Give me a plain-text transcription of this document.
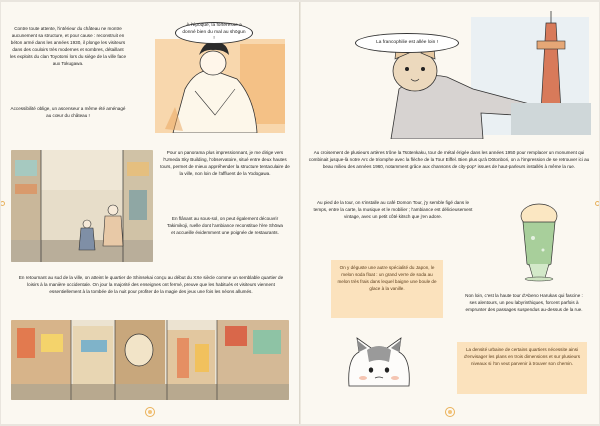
Contre toute attente, l'intérieur du château ne montre aucunement sa structure, et pour cause : reconstruit en béton armé dans les années 1930, il plonge les visiteurs dans des couloirs très modernes et sombres, détaillant les exploits du clan Toyotomi lors du siège de la ville face aux Tokugawa.
Accessibilité oblige, un ascenseur a même été aménagé au cœur du château !
À l'époque, la forteresse a donné bien du mal au shōgun !
Pour un panorama plus impressionnant, je me dirige vers l'Umeda Sky Building, l'observatoire, situé entre deux hautes tours, permet de mieux appréhender la structure tentaculaire de la ville, non loin de l'affluent de la Yodogawa.
En flânant au sous-sol, on peut également découvrir Takimikoji, ruelle dont l'ambiance reconstitue l'ère Shōwa et accueille évidemment une poignée de restaurants.
En retournant au sud de la ville, on atteint le quartier de Shinsekai conçu au début du XXe siècle comme un semblable quartier de loisirs à la manière occidentale. On jour la majorité des enseignes ont fermé, preuve que les habitués et visiteurs viennent essentiellement à la tombée de la nuit pour profiter de la magie des jeux une fois les néons allumés.
La francophilie est allée loin !
Au croisement de plusieurs artères trône la Tsūtenkaku, tour de métal érigée dans les années 1950 pour remplacer un monument qui combinait jusque-là notre Arc de triomphe avec la flèche de la Tour Eiffel. Bien plus qu'à Dōtonbori, on a l'impression de se retrouver ici au beau milieu des années 1960, notamment grâce aux chansons de city-pop* issues de haut-parleurs installés à même la rue.
Au pied de la tour, on s'installe au café Domon Tour, j'y semble figé dans le temps, entre la carte, la musique et le mobilier ; l'ambiance est délicieusement vintage, avec un petit côté kitsch que j'en adore.
On y déguste une autre spécialité du Japon, le melon soda float : un grand verre de soda au melon très frais dans lequel baigne une boule de glace à la vanille.
Non loin, c'est la haute tour d'Abeno Harukas qui fascine : ses alentours, un peu labyrinthiques, forcent parfois à emprunter des passages suspendus au-dessus de la rue.
La densité urbaine de certains quartiers nécessite ainsi d'envisager les plans en trois dimensions et sur plusieurs niveaux si l'on veut parvenir à trouver son chemin.
